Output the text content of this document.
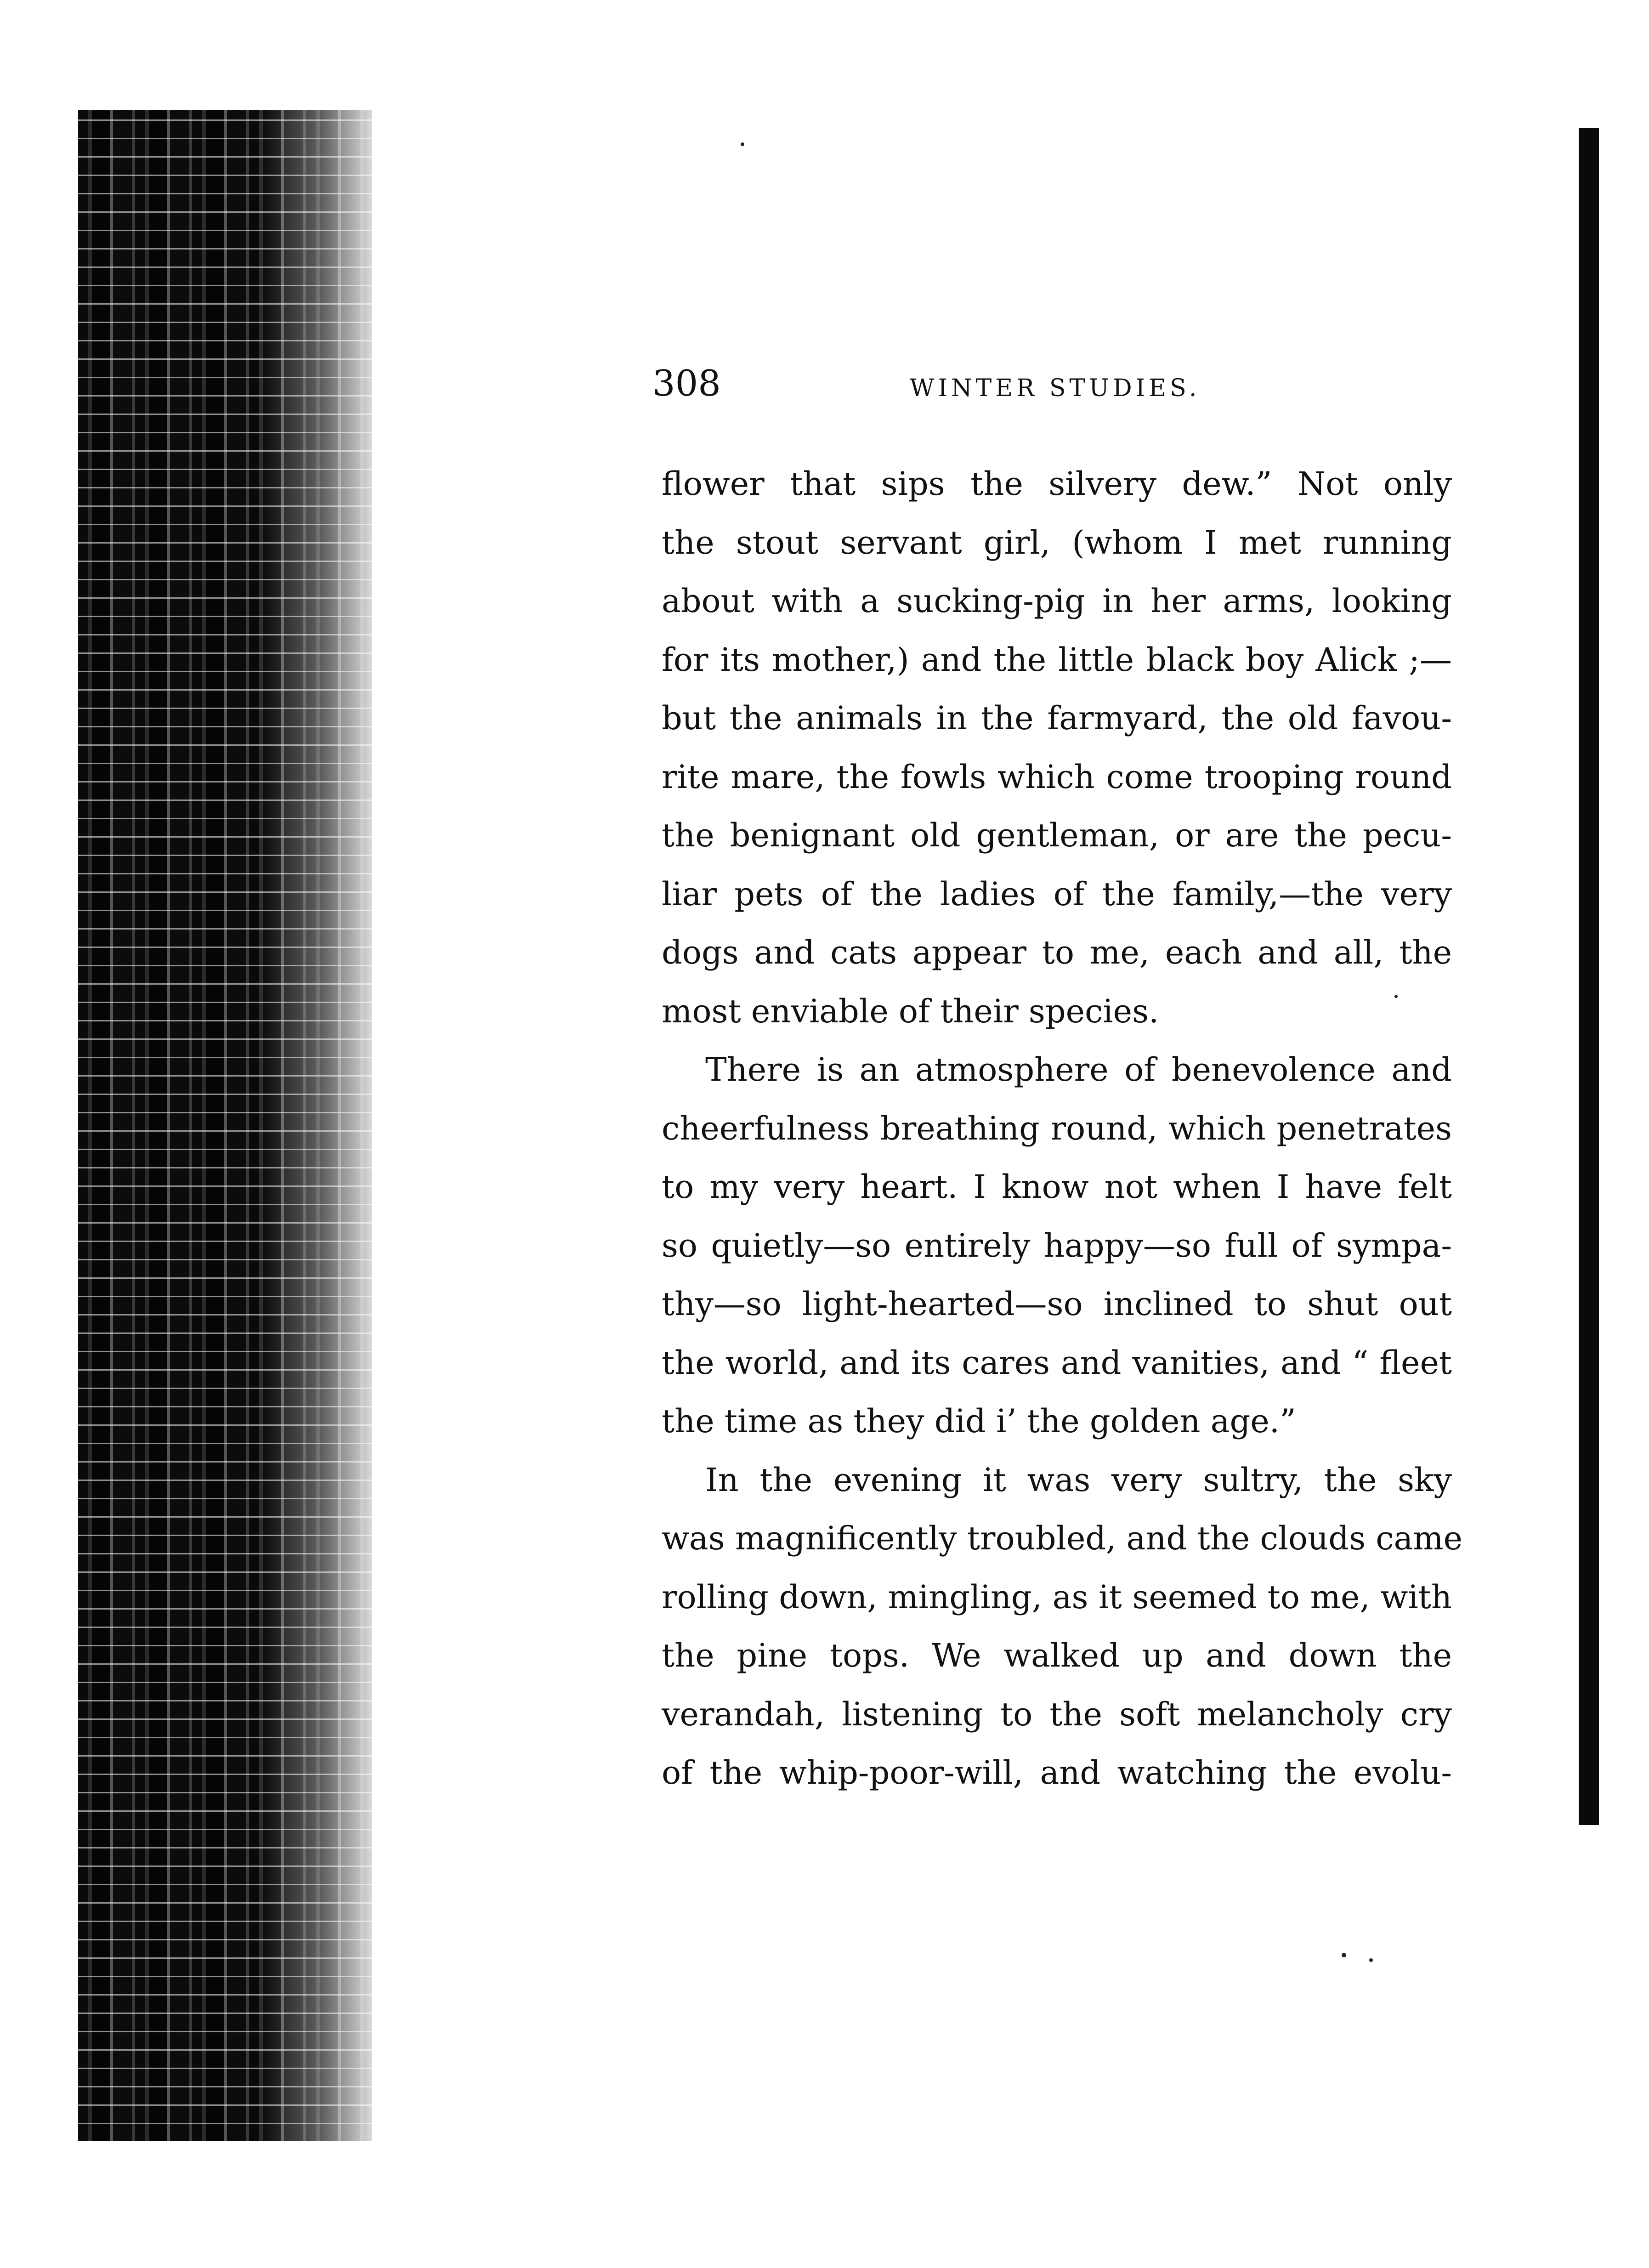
308	WINTER STUDIES.
flower that sips the silvery dew.” Not only
the stout servant girl, (whom I met running
about with a sucking-pig in her arms, looking
for its mother,) and the little black boy Alick ;—
but the animals in the farmyard, the old favou-
rite mare, the fowls which come trooping round
the benignant old gentleman, or are the pecu-
liar pets of the ladies of the family,—the very
dogs and cats appear to me, each and all, the
most enviable of their species.
There is an atmosphere of benevolence and
cheerfulness breathing round, which penetrates
to my very heart. I know not when I have felt
so quietly—so entirely happy—so full of sympa-
thy—so light-hearted—so inclined to shut out
the world, and its cares and vanities, and “ fleet
the time as they did i’ the golden age.”
In the evening it was very sultry, the sky
was magnificently troubled, and the clouds came
rolling down, mingling, as it seemed to me, with
the pine tops. We walked up and down the
verandah, listening to the soft melancholy cry
of the whip-poor-will, and watching the evolu-
